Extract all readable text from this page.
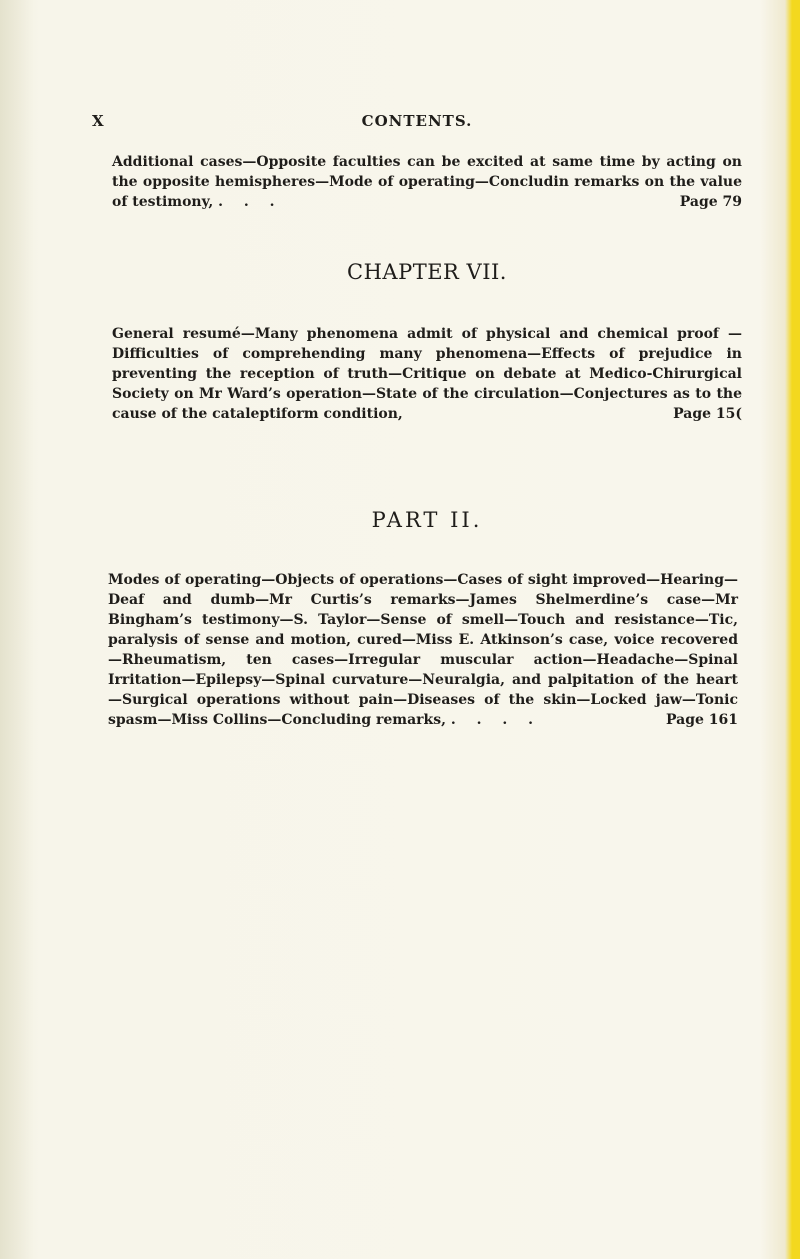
X	CONTENTS.
Additional cases—Opposite faculties can be excited at same time by acting on the opposite hemispheres—Mode of operating—Concludin remarks on the value of testimony, . . .	Page 79
CHAPTER VII.
General resumé—Many phenomena admit of physical and chemical proof —Difficulties of comprehending many phenomena—Effects of prejudice in preventing the reception of truth—Critique on debate at Medico-Chirurgical Society on Mr Ward’s operation—State of the circulation—Conjectures as to the cause of the cataleptiform condition,	Page 15(
PART II.
Modes of operating—Objects of operations—Cases of sight improved—Hearing—Deaf and dumb—Mr Curtis’s remarks—James Shelmerdine’s case—Mr Bingham’s testimony—S. Taylor—Sense of smell—Touch and resistance—Tic, paralysis of sense and motion, cured—Miss E. Atkinson’s case, voice recovered—Rheumatism, ten cases—Irregular muscular action—Headache—Spinal Irritation—Epilepsy—Spinal curvature—Neuralgia, and palpitation of the heart—Surgical operations without pain—Diseases of the skin—Locked jaw—Tonic spasm—Miss Collins—Concluding remarks, . . . .	Page 161
